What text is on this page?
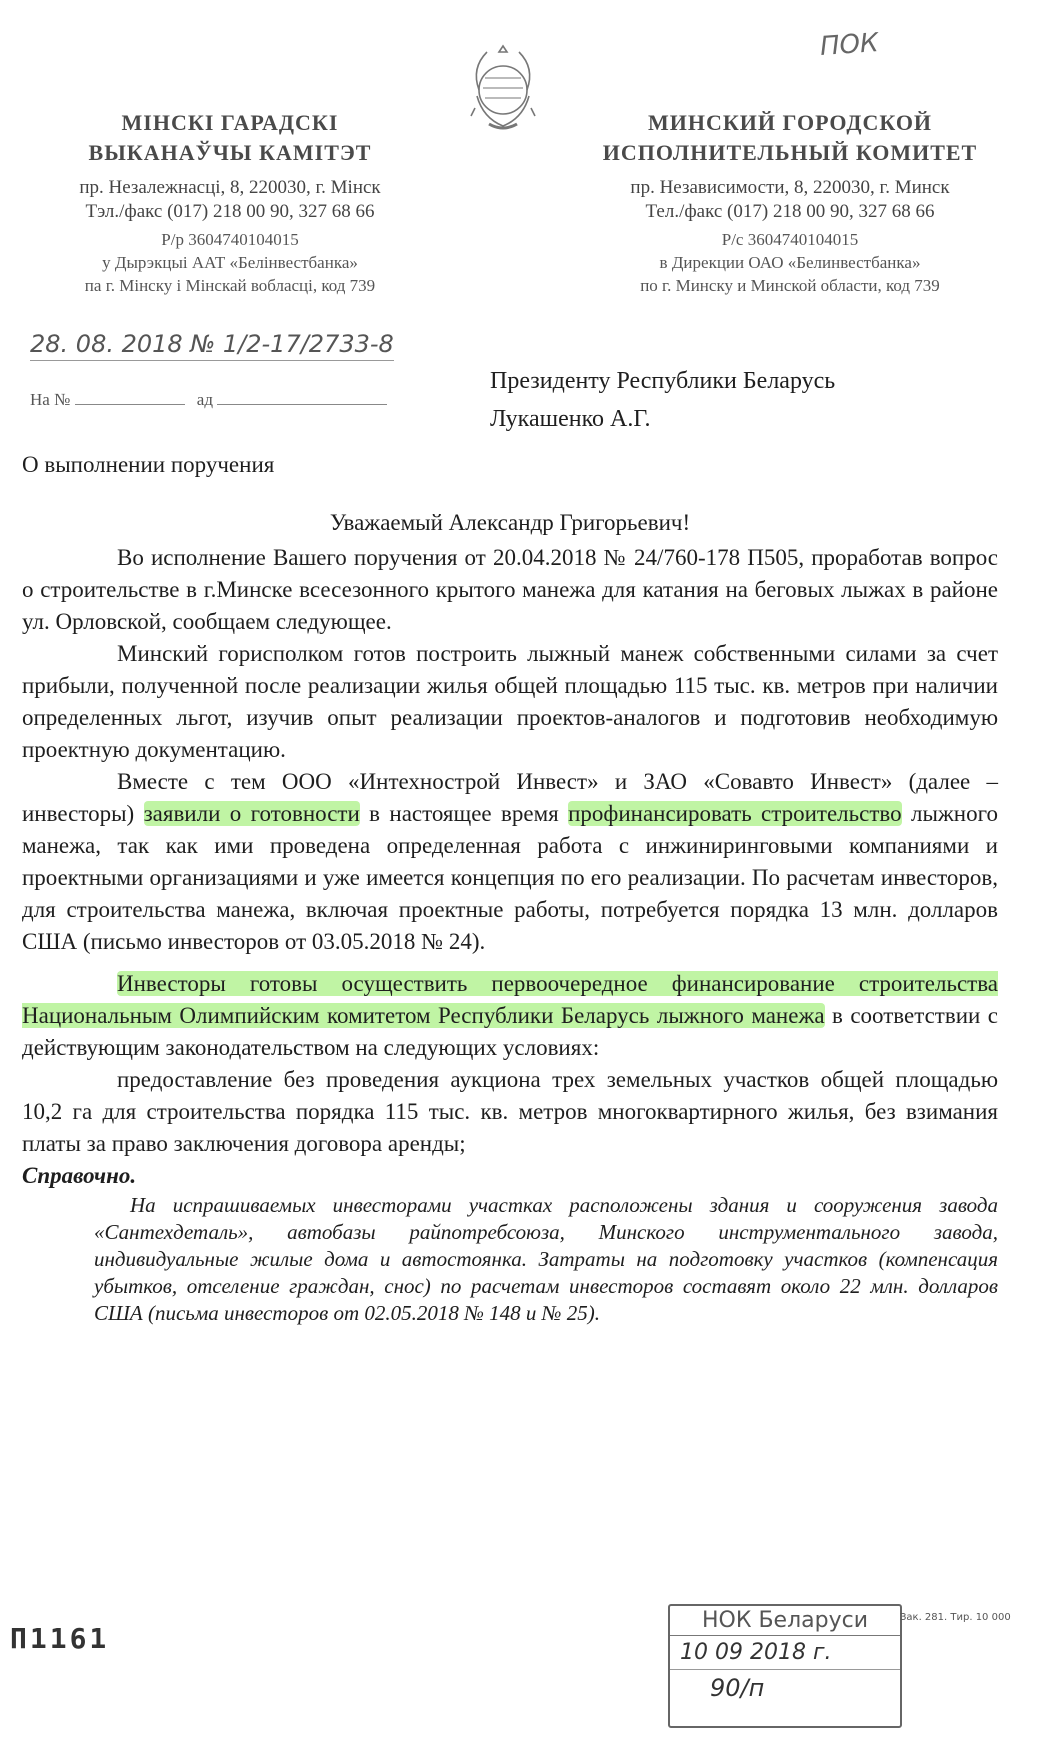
ПОК
МІНСКІ ГАРАДСКІ
ВЫКАНАЎЧЫ КАМІТЭТ
пр. Незалежнасці, 8, 220030, г. Мінск
Тэл./факс (017) 218 00 90, 327 68 66
Р/р 3604740104015
у Дырэкцыі ААТ «Белінвестбанка»
па г. Мінску і Мінскай вобласці, код 739
МИНСКИЙ ГОРОДСКОЙ
ИСПОЛНИТЕЛЬНЫЙ КОМИТЕТ
пр. Независимости, 8, 220030, г. Минск
Тел./факс (017) 218 00 90, 327 68 66
Р/с 3604740104015
в Дирекции ОАО «Белинвестбанка»
по г. Минску и Минской области, код 739
28. 08. 2018 № 1/2-17/2733-8
На №	ад
Президенту Республики Беларусь
Лукашенко А.Г.
О выполнении поручения
Уважаемый Александр Григорьевич!

Во исполнение Вашего поручения от 20.04.2018 № 24/760-178 П505, проработав вопрос о строительстве в г.Минске всесезонного крытого манежа для катания на беговых лыжах в районе ул. Орловской, сообщаем следующее.

Минский горисполком готов построить лыжный манеж собственными силами за счет прибыли, полученной после реализации жилья общей площадью 115 тыс. кв. метров при наличии определенных льгот, изучив опыт реализации проектов-аналогов и подготовив необходимую проектную документацию.

Вместе с тем ООО «Интехнострой Инвест» и ЗАО «Совавто Инвест» (далее – инвесторы) заявили о готовности в настоящее время профинансировать строительство лыжного манежа, так как ими проведена определенная работа с инжиниринговыми компаниями и проектными организациями и уже имеется концепция по его реализации. По расчетам инвесторов, для строительства манежа, включая проектные работы, потребуется порядка 13 млн. долларов США (письмо инвесторов от 03.05.2018 № 24).

Инвесторы готовы осуществить первоочередное финансирование строительства Национальным Олимпийским комитетом Республики Беларусь лыжного манежа в соответствии с действующим законодательством на следующих условиях:

предоставление без проведения аукциона трех земельных участков общей площадью 10,2 га для строительства порядка 115 тыс. кв. метров многоквартирного жилья, без взимания платы за право заключения договора аренды;

Справочно.

На испрашиваемых инвесторами участках расположены здания и сооружения завода «Сантехдеталь», автобазы райпотребсоюза, Минского инструментального завода, индивидуальные жилые дома и автостоянка. Затраты на подготовку участков (компенсация убытков, отселение граждан, снос) по расчетам инвесторов составят около 22 млн. долларов США (письма инвесторов от 02.05.2018 № 148 и № 25).

П1161
НОК Беларуси
10 09 2018 г.
90/п
Зак. 281. Тир. 10 000
